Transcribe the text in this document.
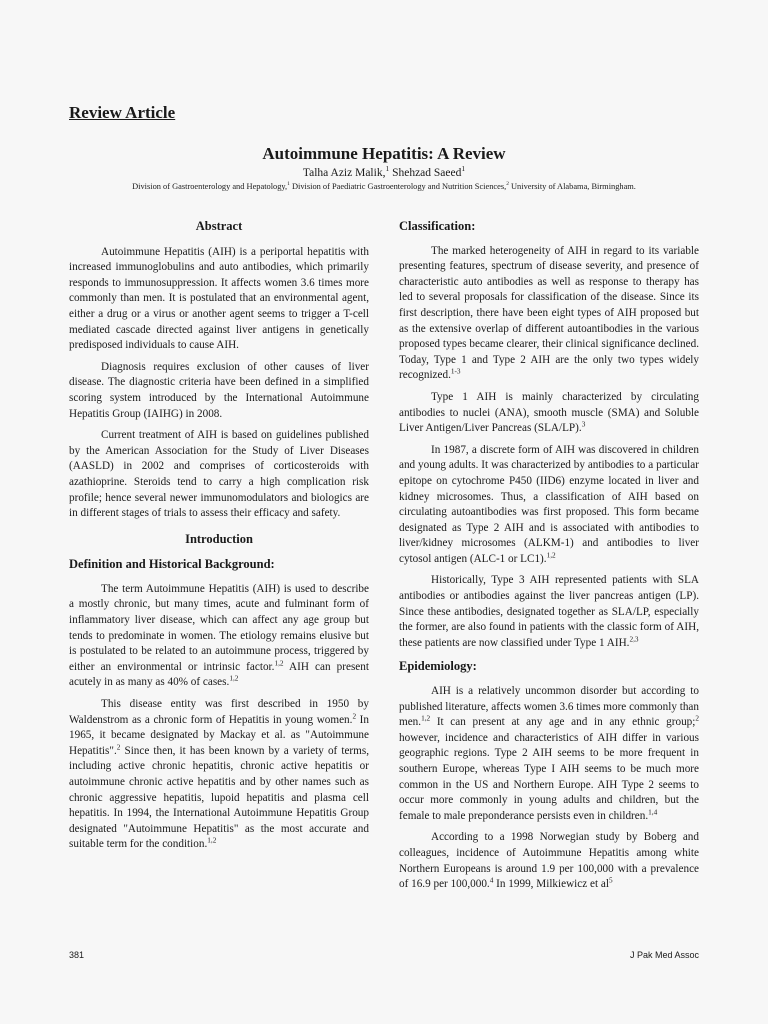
Review Article
Autoimmune Hepatitis: A Review
Talha Aziz Malik,$^1$ Shehzad Saeed$^1$
Division of Gastroenterology and Hepatology,$^1$ Division of Paediatric Gastroenterology and Nutrition Sciences,$^2$ University of Alabama, Birmingham.
Abstract

Autoimmune Hepatitis (AIH) is a periportal hepatitis with increased immunoglobulins and auto antibodies, which primarily responds to immunosuppression. It affects women 3.6 times more commonly than men. It is postulated that an environmental agent, either a drug or a virus or another agent seems to trigger a T-cell mediated cascade directed against liver antigens in genetically predisposed individuals to cause AIH.

Diagnosis requires exclusion of other causes of liver disease. The diagnostic criteria have been defined in a simplified scoring system introduced by the International Autoimmune Hepatitis Group (IAIHG) in 2008.

Current treatment of AIH is based on guidelines published by the American Association for the Study of Liver Diseases (AASLD) in 2002 and comprises of corticosteroids with azathioprine. Steroids tend to carry a high complication risk profile; hence several newer immunomodulators and biologics are in different stages of trials to assess their efficacy and safety.

Introduction
Definition and Historical Background:

The term Autoimmune Hepatitis (AIH) is used to describe a mostly chronic, but many times, acute and fulminant form of inflammatory liver disease, which can affect any age group but tends to predominate in women. The etiology remains elusive but is postulated to be related to an autoimmune process, triggered by either an environmental or intrinsic factor.$^{1,2}$ AIH can present acutely in as many as 40% of cases.$^{1,2}$

This disease entity was first described in 1950 by Waldenstrom as a chronic form of Hepatitis in young women.$^2$ In 1965, it became designated by Mackay et al. as "Autoimmune Hepatitis".$^2$ Since then, it has been known by a variety of terms, including active chronic hepatitis, chronic active hepatitis or autoimmune chronic active hepatitis and by other names such as chronic aggressive hepatitis, lupoid hepatitis and plasma cell hepatitis. In 1994, the International Autoimmune Hepatitis Group designated "Autoimmune Hepatitis" as the most accurate and suitable term for the condition.$^{1,2}$

Classification:

The marked heterogeneity of AIH in regard to its variable presenting features, spectrum of disease severity, and presence of characteristic auto antibodies as well as response to therapy has led to several proposals for classification of the disease. Since its first description, there have been eight types of AIH proposed but as the extensive overlap of different autoantibodies in the various proposed types became clearer, their clinical significance declined. Today, Type 1 and Type 2 AIH are the only two types widely recognized.$^{1-3}$

Type 1 AIH is mainly characterized by circulating antibodies to nuclei (ANA), smooth muscle (SMA) and Soluble Liver Antigen/Liver Pancreas (SLA/LP).$^3$

In 1987, a discrete form of AIH was discovered in children and young adults. It was characterized by antibodies to a particular epitope on cytochrome P450 (IID6) enzyme located in liver and kidney microsomes. Thus, a classification of AIH based on circulating autoantibodies was first proposed. This form became designated as Type 2 AIH and is associated with antibodies to liver/kidney microsomes (ALKM-1) and antibodies to liver cytosol antigen (ALC-1 or LC1).$^{1,2}$

Historically, Type 3 AIH represented patients with SLA antibodies or antibodies against the liver pancreas antigen (LP). Since these antibodies, designated together as SLA/LP, especially the former, are also found in patients with the classic form of AIH, these patients are now classified under Type 1 AIH.$^{2,3}$

Epidemiology:

AIH is a relatively uncommon disorder but according to published literature, affects women 3.6 times more commonly than men.$^{1,2}$ It can present at any age and in any ethnic group;$^2$ however, incidence and characteristics of AIH differ in various geographic regions. Type 2 AIH seems to be more frequent in southern Europe, whereas Type I AIH seems to be much more common in the US and Northern Europe. AIH Type 2 seems to occur more commonly in young adults and children, but the female to male preponderance persists even in children.$^{1,4}$

According to a 1998 Norwegian study by Boberg and colleagues, incidence of Autoimmune Hepatitis among white Northern Europeans is around 1.9 per 100,000 with a prevalence of 16.9 per 100,000.$^4$ In 1999, Milkiewicz et $al^5$

381	J Pak Med Assoc
